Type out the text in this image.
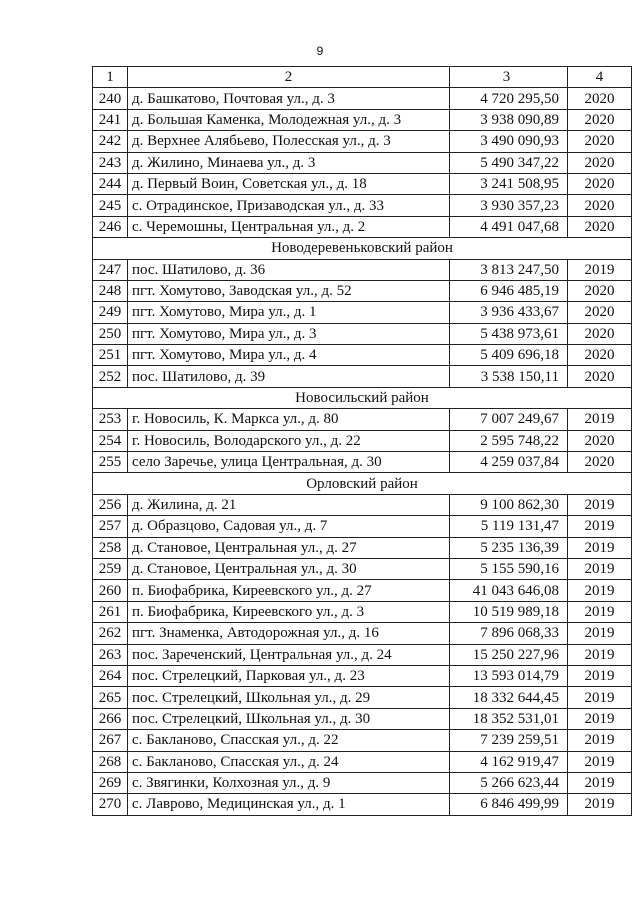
9
1	2	3	4
240	д. Башкатово, Почтовая ул., д. 3	4 720 295,50	2020
241	д. Большая Каменка, Молодежная ул., д. 3	3 938 090,89	2020
242	д. Верхнее Алябьево, Полесская ул., д. 3	3 490 090,93	2020
243	д. Жилино, Минаева ул., д. 3	5 490 347,22	2020
244	д. Первый Воин, Советская ул., д. 18	3 241 508,95	2020
245	с. Отрадинское, Призаводская ул., д. 33	3 930 357,23	2020
246	с. Черемошны, Центральная ул., д. 2	4 491 047,68	2020
Новодеревеньковский район			
247	пос. Шатилово, д. 36	3 813 247,50	2019
248	пгт. Хомутово, Заводская ул., д. 52	6 946 485,19	2020
249	пгт. Хомутово, Мира ул., д. 1	3 936 433,67	2020
250	пгт. Хомутово, Мира ул., д. 3	5 438 973,61	2020
251	пгт. Хомутово, Мира ул., д. 4	5 409 696,18	2020
252	пос. Шатилово, д. 39	3 538 150,11	2020
Новосильский район			
253	г. Новосиль, К. Маркса ул., д. 80	7 007 249,67	2019
254	г. Новосиль, Володарского ул., д. 22	2 595 748,22	2020
255	село Заречье, улица Центральная, д. 30	4 259 037,84	2020
Орловский район			
256	д. Жилина, д. 21	9 100 862,30	2019
257	д. Образцово, Садовая ул., д. 7	5 119 131,47	2019
258	д. Становое, Центральная ул., д. 27	5 235 136,39	2019
259	д. Становое, Центральная ул., д. 30	5 155 590,16	2019
260	п. Биофабрика, Киреевского ул., д. 27	41 043 646,08	2019
261	п. Биофабрика, Киреевского ул., д. 3	10 519 989,18	2019
262	пгт. Знаменка, Автодорожная ул., д. 16	7 896 068,33	2019
263	пос. Зареченский, Центральная ул., д. 24	15 250 227,96	2019
264	пос. Стрелецкий, Парковая ул., д. 23	13 593 014,79	2019
265	пос. Стрелецкий, Школьная ул., д. 29	18 332 644,45	2019
266	пос. Стрелецкий, Школьная ул., д. 30	18 352 531,01	2019
267	с. Бакланово, Спасская ул., д. 22	7 239 259,51	2019
268	с. Бакланово, Спасская ул., д. 24	4 162 919,47	2019
269	с. Звягинки, Колхозная ул., д. 9	5 266 623,44	2019
270	с. Лаврово, Медицинская ул., д. 1	6 846 499,99	2019
